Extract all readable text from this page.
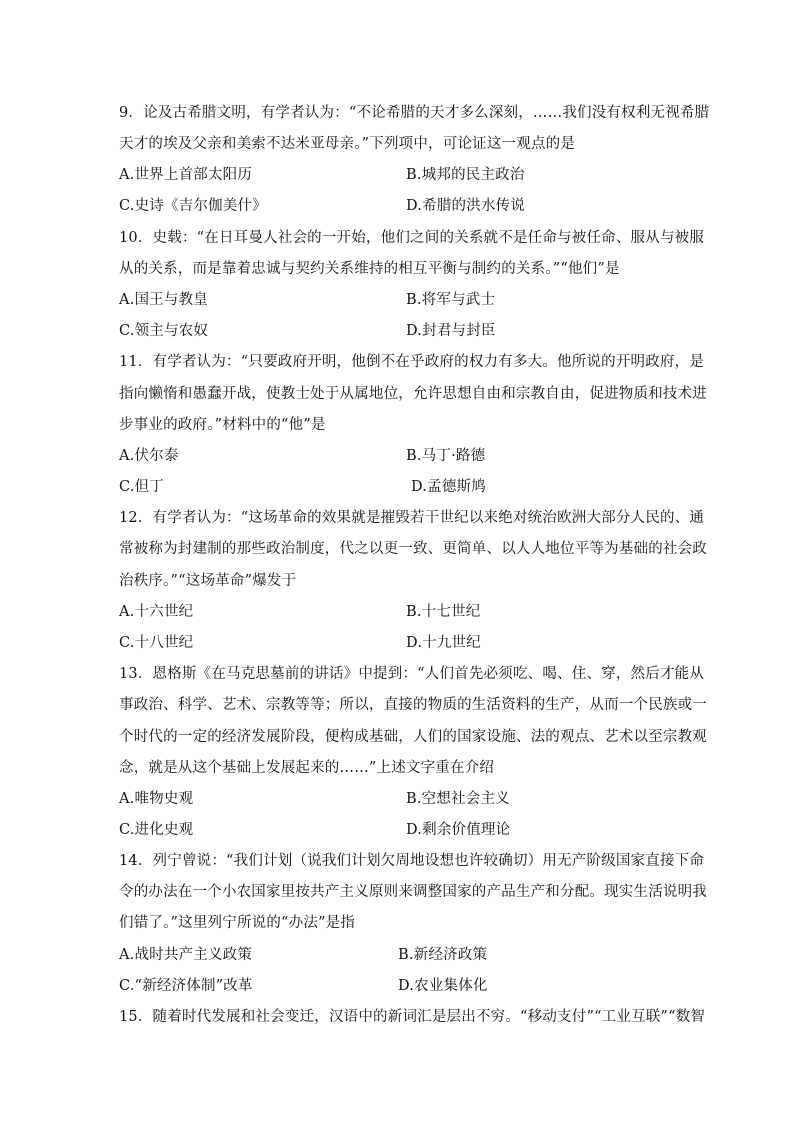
9．论及古希腊文明，有学者认为：“不论希腊的天才多么深刻，……我们没有权利无视希腊
天才的埃及父亲和美索不达米亚母亲。”下列项中，可论证这一观点的是
A.世界上首部太阳历	B.城邦的民主政治
C.史诗《吉尔伽美什》	D.希腊的洪水传说
10．史载：“在日耳曼人社会的一开始，他们之间的关系就不是任命与被任命、服从与被服
从的关系，而是靠着忠诚与契约关系维持的相互平衡与制约的关系。”“他们”是
A.国王与教皇	B.将军与武士
C.领主与农奴	D.封君与封臣
11．有学者认为：“只要政府开明，他倒不在乎政府的权力有多大。他所说的开明政府，是
指向懒惰和愚蠢开战，使教士处于从属地位，允许思想自由和宗教自由，促进物质和技术进
步事业的政府。”材料中的“他”是
A.伏尔泰	B.马丁·路德
C.但丁	D.孟德斯鸠
12．有学者认为：“这场革命的效果就是摧毁若干世纪以来绝对统治欧洲大部分人民的、通
常被称为封建制的那些政治制度，代之以更一致、更简单、以人人地位平等为基础的社会政
治秩序。”“这场革命”爆发于
A.十六世纪	B.十七世纪
C.十八世纪	D.十九世纪
13．恩格斯《在马克思墓前的讲话》中提到：“人们首先必须吃、喝、住、穿，然后才能从
事政治、科学、艺术、宗教等等；所以，直接的物质的生活资料的生产，从而一个民族或一
个时代的一定的经济发展阶段，便构成基础，人们的国家设施、法的观点、艺术以至宗教观
念，就是从这个基础上发展起来的……”上述文字重在介绍
A.唯物史观	B.空想社会主义
C.进化史观	D.剩余价值理论
14．列宁曾说：“我们计划（说我们计划欠周地设想也许较确切）用无产阶级国家直接下命
令的办法在一个小农国家里按共产主义原则来调整国家的产品生产和分配。现实生活说明我
们错了。”这里列宁所说的“办法”是指
A.战时共产主义政策	B.新经济政策
C.“新经济体制”改革	D.农业集体化
15．随着时代发展和社会变迁，汉语中的新词汇是层出不穷。“移动支付”“工业互联”“数智
